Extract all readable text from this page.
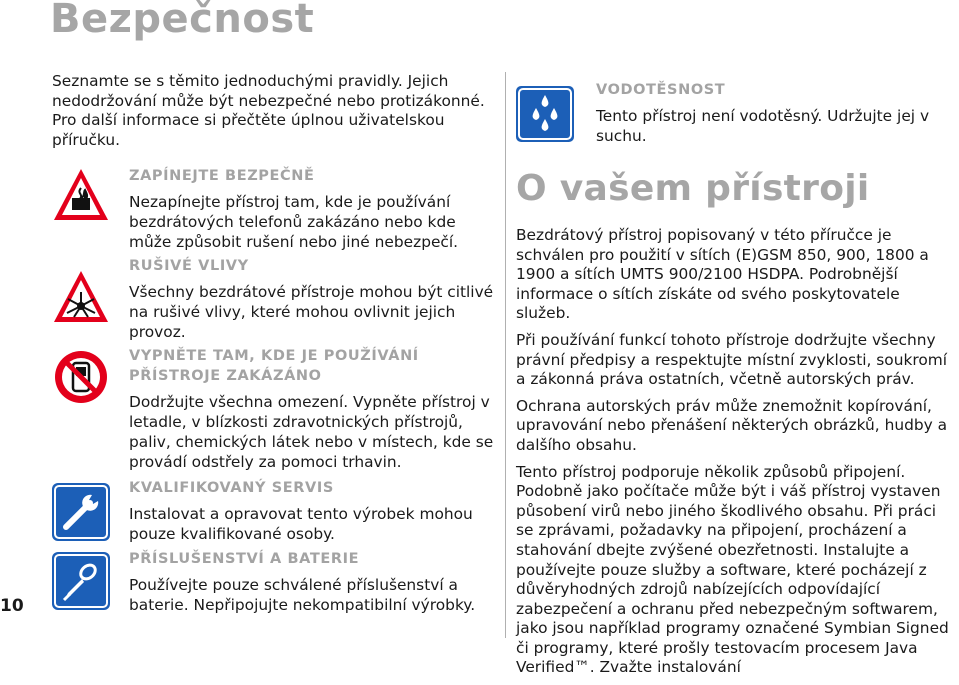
Bezpečnost
10

Seznamte se s těmito jednoduchými pravidly. Jejich nedodržování může být nebezpečné nebo protizákonné. Pro další informace si přečtěte úplnou uživatelskou příručku.

ZAPÍNEJTE BEZPEČNĚ

Nezapínejte přístroj tam, kde je používání bezdrátových telefonů zakázáno nebo kde může způsobit rušení nebo jiné nebezpečí.

RUŠIVÉ VLIVY

Všechny bezdrátové přístroje mohou být citlivé na rušivé vlivy, které mohou ovlivnit jejich provoz.

VYPNĚTE TAM, KDE JE POUŽÍVÁNÍ PŘÍSTROJE ZAKÁZÁNO

Dodržujte všechna omezení. Vypněte přístroj v letadle, v blízkosti zdravotnických přístrojů, paliv, chemických látek nebo v místech, kde se provádí odstřely za pomoci trhavin.

KVALIFIKOVANÝ SERVIS

Instalovat a opravovat tento výrobek mohou pouze kvalifikované osoby.

PŘÍSLUŠENSTVÍ A BATERIE

Používejte pouze schválené příslušenství a baterie. Nepřipojujte nekompatibilní výrobky.

VODOTĚSNOST

Tento přístroj není vodotěsný. Udržujte jej v suchu.

O vašem přístroji

Bezdrátový přístroj popisovaný v této příručce je schválen pro použití v sítích (E)GSM 850, 900, 1800 a 1900 a sítích UMTS 900/2100 HSDPA. Podrobnější informace o sítích získáte od svého poskytovatele služeb.

Při používání funkcí tohoto přístroje dodržujte všechny právní předpisy a respektujte místní zvyklosti, soukromí a zákonná práva ostatních, včetně autorských práv.

Ochrana autorských práv může znemožnit kopírování, upravování nebo přenášení některých obrázků, hudby a dalšího obsahu.

Tento přístroj podporuje několik způsobů připojení. Podobně jako počítače může být i váš přístroj vystaven působení virů nebo jiného škodlivého obsahu. Při práci se zprávami, požadavky na připojení, procházení a stahování dbejte zvýšené obezřetnosti. Instalujte a používejte pouze služby a software, které pocházejí z důvěryhodných zdrojů nabízejících odpovídající zabezpečení a ochranu před nebezpečným softwarem, jako jsou například programy označené Symbian Signed či programy, které prošly testovacím procesem Java Verified™. Zvažte instalování
